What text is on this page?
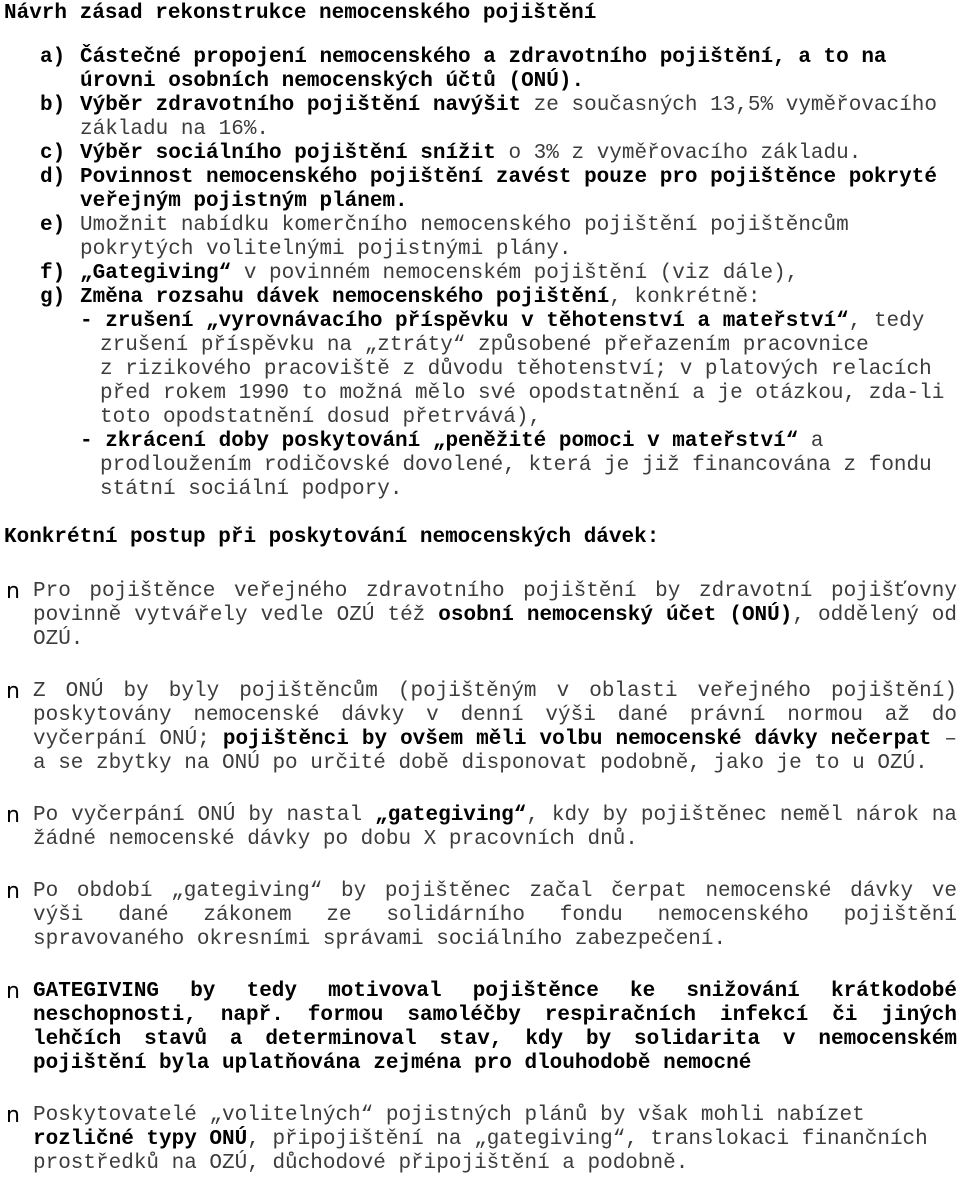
Návrh zásad rekonstrukce nemocenského pojištění
a) Částečné propojení nemocenského a zdravotního pojištění, a to na
úrovni osobních nemocenských účtů (ONÚ).
b) Výběr zdravotního pojištění navýšit ze současných 13,5% vyměřovacího
základu na 16%.
c) Výběr sociálního pojištění snížit o 3% z vyměřovacího základu.
d) Povinnost nemocenského pojištění zavést pouze pro pojištěnce pokryté
veřejným pojistným plánem.
e) Umožnit nabídku komerčního nemocenského pojištění pojištěncům
pokrytých volitelnými pojistnými plány.
f) „Gategiving“ v povinném nemocenském pojištění (viz dále),
g) Změna rozsahu dávek nemocenského pojištění, konkrétně:
- zrušení „vyrovnávacího příspěvku v těhotenství a mateřství“, tedy
zrušení příspěvku na „ztráty“ způsobené přeřazením pracovnice
z rizikového pracoviště z důvodu těhotenství; v platových relacích
před rokem 1990 to možná mělo své opodstatnění a je otázkou, zda-li
toto opodstatnění dosud přetrvává),
- zkrácení doby poskytování „peněžité pomoci v mateřství“ a
prodloužením rodičovské dovolené, která je již financována z fondu
státní sociální podpory.
Konkrétní postup při poskytování nemocenských dávek:
n Pro pojištěnce veřejného zdravotního pojištění by zdravotní pojišťovny
povinně vytvářely vedle OZÚ též osobní nemocenský účet (ONÚ), oddělený od
OZÚ.
n Z ONÚ by byly pojištěncům (pojištěným v oblasti veřejného pojištění)
poskytovány nemocenské dávky v denní výši dané právní normou až do
vyčerpání ONÚ; pojištěnci by ovšem měli volbu nemocenské dávky nečerpat –
a se zbytky na ONÚ po určité době disponovat podobně, jako je to u OZÚ.
n Po vyčerpání ONÚ by nastal „gategiving“, kdy by pojištěnec neměl nárok na
žádné nemocenské dávky po dobu X pracovních dnů.
n Po období „gategiving“ by pojištěnec začal čerpat nemocenské dávky ve
výši dané zákonem ze solidárního fondu nemocenského pojištění
spravovaného okresními správami sociálního zabezpečení.
n GATEGIVING by tedy motivoval pojištěnce ke snižování krátkodobé
neschopnosti, např. formou samoléčby respiračních infekcí či jiných
lehčích stavů a determinoval stav, kdy by solidarita v nemocenském
pojištění byla uplatňována zejména pro dlouhodobě nemocné
n Poskytovatelé „volitelných“ pojistných plánů by však mohli nabízet
rozličné typy ONÚ, připojištění na „gategiving“, translokaci finančních
prostředků na OZÚ, důchodové připojištění a podobně.
